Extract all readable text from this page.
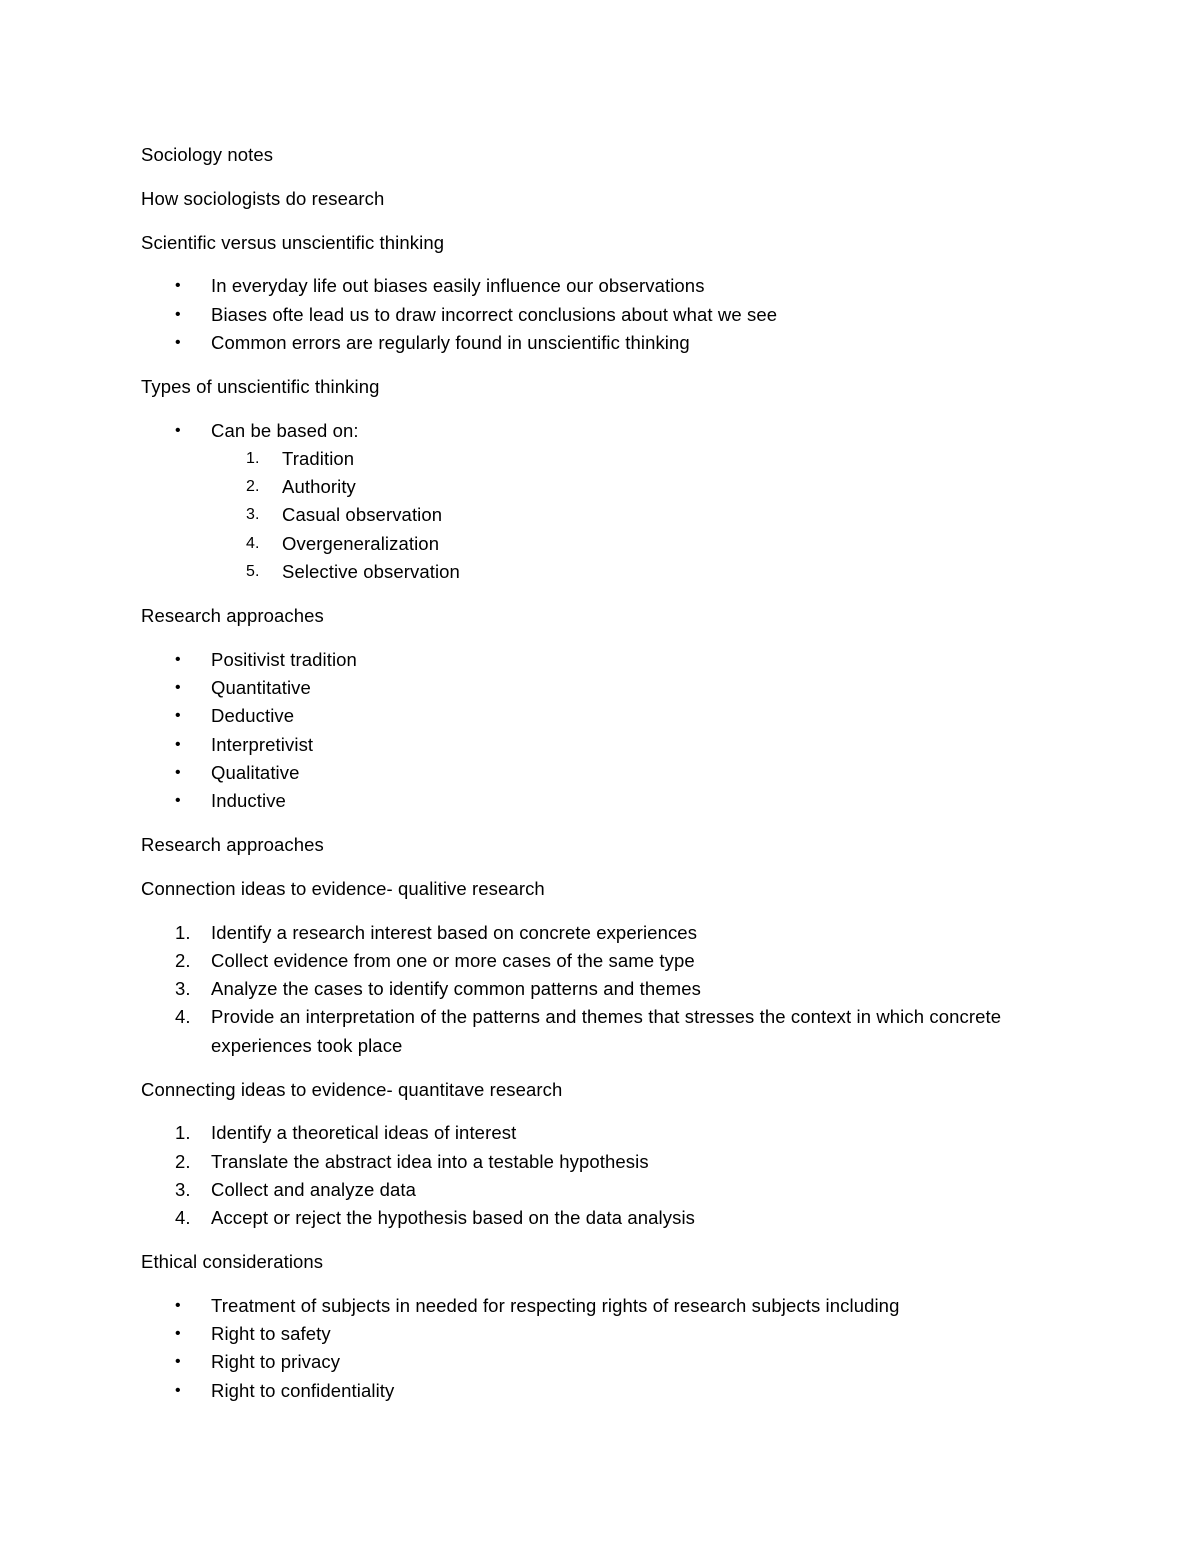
Sociology notes

How sociologists do research

Scientific versus unscientific thinking

• In everyday life out biases easily influence our observations
• Biases ofte lead us to draw incorrect conclusions about what we see
• Common errors are regularly found in unscientific thinking

Types of unscientific thinking

• Can be based on:
1.	Tradition
2.	Authority
3.	Casual observation
4.	Overgeneralization
5.	Selective observation

Research approaches

• Positivist tradition
• Quantitative
• Deductive
• Interpretivist
• Qualitative
• Inductive

Research approaches

Connection ideas to evidence- qualitive research

1.	Identify a research interest based on concrete experiences
2.	Collect evidence from one or more cases of the same type
3.	Analyze the cases to identify common patterns and themes
4.	Provide an interpretation of the patterns and themes that stresses the context in which concrete experiences took place

Connecting ideas to evidence- quantitave research

1.	Identify a theoretical ideas of interest
2.	Translate the abstract idea into a testable hypothesis
3.	Collect and analyze data
4.	Accept or reject the hypothesis based on the data analysis

Ethical considerations

• Treatment of subjects in needed for respecting rights of research subjects including
• Right to safety
• Right to privacy
• Right to confidentiality
